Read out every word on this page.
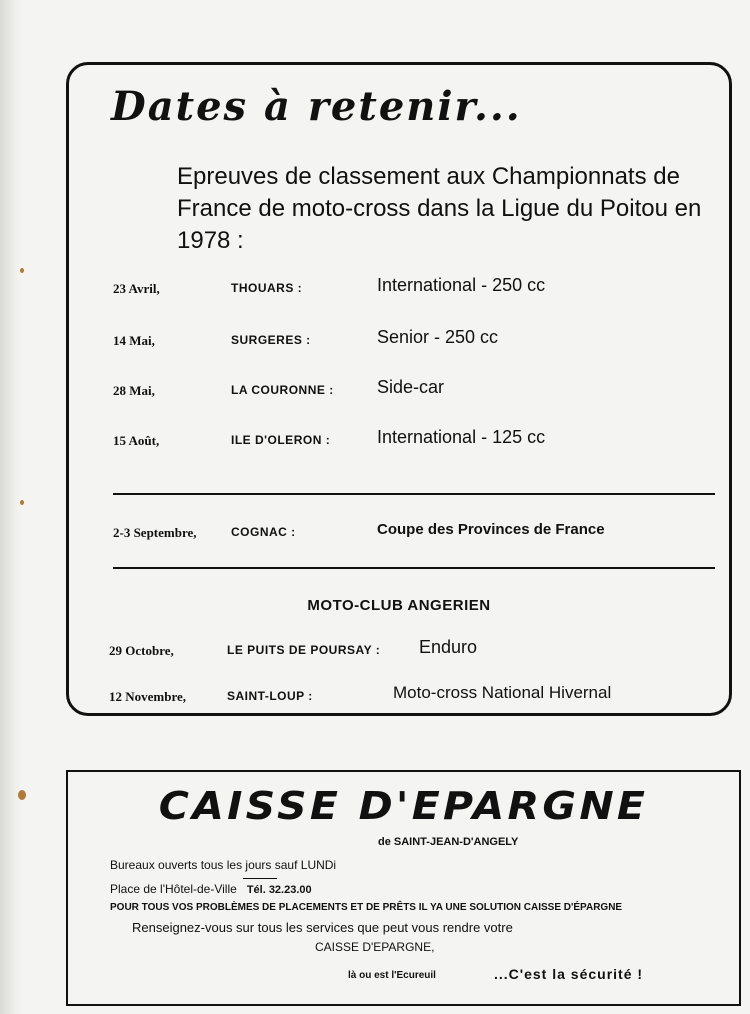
Dates à retenir...

Epreuves de classement aux Championnats de France de moto-cross dans la Ligue du Poitou en 1978 :

23 Avril,	THOUARS :	International - 250 cc
14 Mai,	SURGERES :	Senior - 250 cc
28 Mai,	LA COURONNE : Side-car
15 Août,	ILE D'OLERON :	International - 125 cc
2-3 Septembre,	COGNAC :	Coupe des Provinces de France
MOTO-CLUB ANGERIEN
29 Octobre,	LE PUITS DE POURSAY : Enduro
12 Novembre,	SAINT-LOUP :	Moto-cross National Hivernal
CAISSE D'EPARGNE
de SAINT-JEAN-D'ANGELY
Bureaux ouverts tous les jours sauf LUNDi
Place de l'Hôtel-de-Ville Tél. 32.23.00
POUR TOUS VOS PROBLÈMES DE PLACEMENTS ET DE PRÊTS IL YA UNE SOLUTION CAISSE D'ÉPARGNE
Renseignez-vous sur tous les services que peut vous rendre votre
CAISSE D'EPARGNE,
là ou est l'Ecureuil	...C'est la sécurité !
